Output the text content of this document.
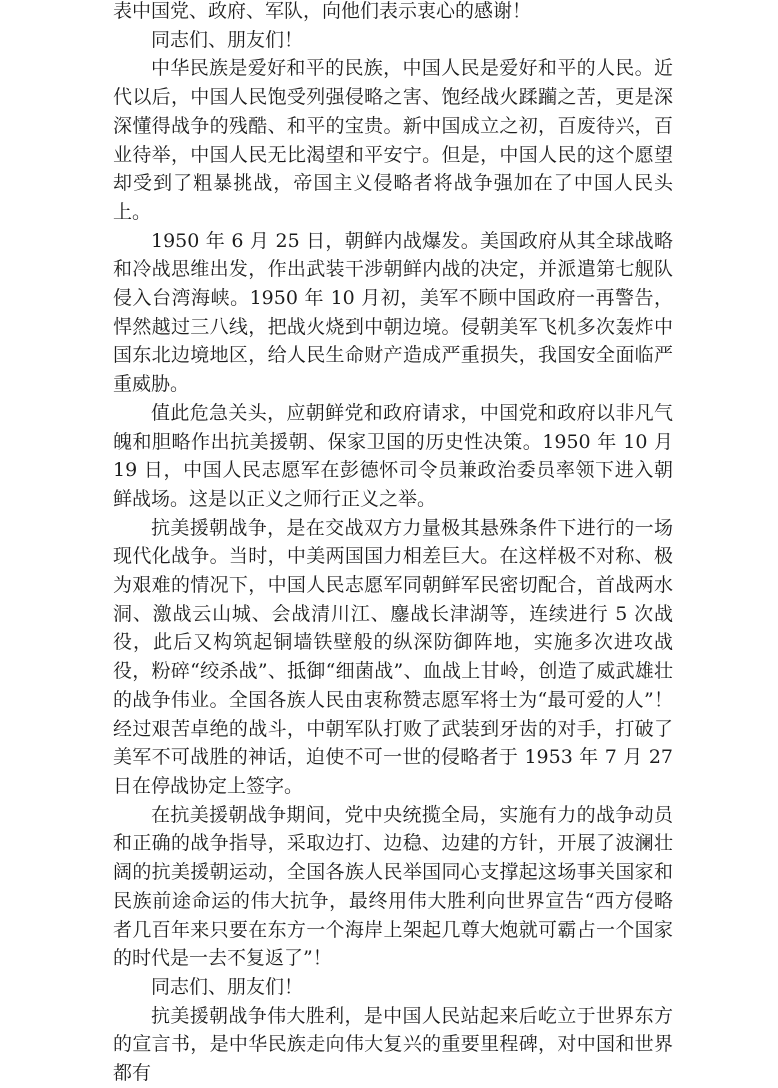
表中国党、政府、军队，向他们表示衷心的感谢！

同志们、朋友们！

中华民族是爱好和平的民族，中国人民是爱好和平的人民。近代以后，中国人民饱受列强侵略之害、饱经战火蹂躏之苦，更是深深懂得战争的残酷、和平的宝贵。新中国成立之初，百废待兴，百业待举，中国人民无比渴望和平安宁。但是，中国人民的这个愿望却受到了粗暴挑战，帝国主义侵略者将战争强加在了中国人民头上。

1950 年 6 月 25 日，朝鲜内战爆发。美国政府从其全球战略和冷战思维出发，作出武装干涉朝鲜内战的决定，并派遣第七舰队侵入台湾海峡。1950 年 10 月初，美军不顾中国政府一再警告，悍然越过三八线，把战火烧到中朝边境。侵朝美军飞机多次轰炸中国东北边境地区，给人民生命财产造成严重损失，我国安全面临严重威胁。

值此危急关头，应朝鲜党和政府请求，中国党和政府以非凡气魄和胆略作出抗美援朝、保家卫国的历史性决策。1950 年 10 月 19 日，中国人民志愿军在彭德怀司令员兼政治委员率领下进入朝鲜战场。这是以正义之师行正义之举。

抗美援朝战争，是在交战双方力量极其悬殊条件下进行的一场现代化战争。当时，中美两国国力相差巨大。在这样极不对称、极为艰难的情况下，中国人民志愿军同朝鲜军民密切配合，首战两水洞、激战云山城、会战清川江、鏖战长津湖等，连续进行 5 次战役，此后又构筑起铜墙铁壁般的纵深防御阵地，实施多次进攻战役，粉碎“绞杀战”、抵御“细菌战”、血战上甘岭，创造了威武雄壮的战争伟业。全国各族人民由衷称赞志愿军将士为“最可爱的人”！经过艰苦卓绝的战斗，中朝军队打败了武装到牙齿的对手，打破了美军不可战胜的神话，迫使不可一世的侵略者于 1953 年 7 月 27 日在停战协定上签字。

在抗美援朝战争期间，党中央统揽全局，实施有力的战争动员和正确的战争指导，采取边打、边稳、边建的方针，开展了波澜壮阔的抗美援朝运动，全国各族人民举国同心支撑起这场事关国家和民族前途命运的伟大抗争，最终用伟大胜利向世界宣告“西方侵略者几百年来只要在东方一个海岸上架起几尊大炮就可霸占一个国家的时代是一去不复返了”！

同志们、朋友们！

抗美援朝战争伟大胜利，是中国人民站起来后屹立于世界东方的宣言书，是中华民族走向伟大复兴的重要里程碑，对中国和世界都有
